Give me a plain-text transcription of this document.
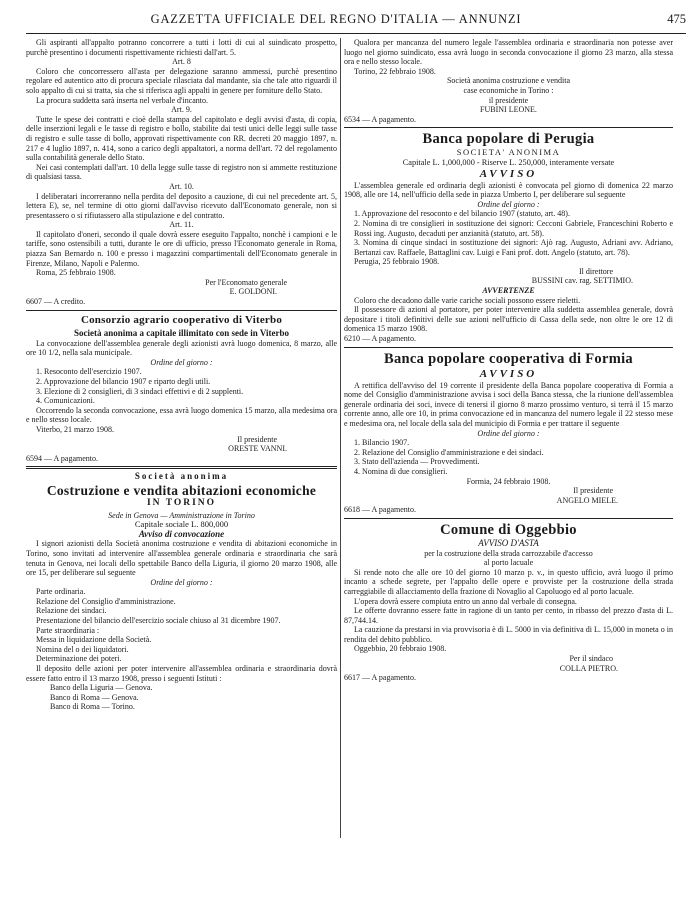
GAZZETTA UFFICIALE DEL REGNO D'ITALIA — ANNUNZI	475

Gli aspiranti all'appalto potranno concorrere a tutti i lotti di cui al suindicato prospetto, purchè presentino i documenti rispettivamente richiesti dall'art. 5.

Art. 8

Coloro che concorressero all'asta per delegazione saranno ammessi, purchè presentino regolare ed autentico atto di procura speciale rilasciata dal mandante, sia che tale atto riguardi il solo appalto di cui si tratta, sia che si riferisca agli appalti in genere per forniture dello Stato.

La procura suddetta sarà inserta nel verbale d'incanto.

Art. 9.

Tutte le spese dei contratti e cioè della stampa del capitolato e degli avvisi d'asta, di copia, delle inserzioni legali e le tasse di registro e bollo, stabilite dai testi unici delle leggi sulle tasse di registro e sulle tasse di bollo, approvati rispettivamente con RR. decreti 20 maggio 1897, n. 217 e 4 luglio 1897, n. 414, sono a carico degli appaltatori, a norma dell'art. 72 del regolamento sulla contabilità generale dello Stato.

Nei casi contemplati dall'art. 10 della legge sulle tasse di registro non si ammette restituzione di qualsiasi tassa.

Art. 10.

I deliberatari incorreranno nella perdita del deposito a cauzione, di cui nel precedente art. 5, lettera E), se, nel termine di otto giorni dall'avviso ricevuto dall'Economato generale, non si presentassero o si rifiutassero alla stipulazione e del contratto.

Art. 11.

Il capitolato d'oneri, secondo il quale dovrà essere eseguito l'appalto, nonchè i campioni e le tariffe, sono ostensibili a tutti, durante le ore di ufficio, presso l'Economato generale in Roma, piazza San Bernardo n. 100 e presso i magazzini compartimentali dell'Economato generale in Firenze, Milano, Napoli e Palermo.

Roma, 25 febbraio 1908.

Per l'Economato generale

E. GOLDONI.

6607 — A credito.

Consorzio agrario cooperativo di Viterbo

Società anonima a capitale illimitato con sede in Viterbo

La convocazione dell'assemblea generale degli azionisti avrà luogo domenica, 8 marzo, alle ore 10 1/2, nella sala municipale.

Ordine del giorno :

1. Resoconto dell'esercizio 1907.

2. Approvazione del bilancio 1907 e riparto degli utili.

3. Elezione di 2 consiglieri, di 3 sindaci effettivi e di 2 supplenti.

4. Comunicazioni.

Occorrendo la seconda convocazione, essa avrà luogo domenica 15 marzo, alla medesima ora e nello stesso locale.

Viterbo, 21 marzo 1908.

Il presidente

ORESTE VANNI.

6594 — A pagamento.

Società anonima

Costruzione e vendita abitazioni economiche

IN TORINO

Sede in Genova — Amministrazione in Torino

Capitale sociale L. 800,000

Avviso di convocazione

I signori azionisti della Società anonima costruzione e vendita di abitazioni economiche in Torino, sono invitati ad intervenire all'assemblea generale ordinaria e straordinaria che sarà tenuta in Genova, nei locali dello spettabile Banco della Liguria, il giorno 20 marzo 1908, alle ore 15, per deliberare sul seguente

Ordine del giorno :

Parte ordinaria.

Relazione del Consiglio d'amministrazione.

Relazione dei sindaci.

Presentazione del bilancio dell'esercizio sociale chiuso al 31 dicembre 1907.

Parte straordinaria :

Messa in liquidazione della Società.

Nomina del o dei liquidatori.

Determinazione dei poteri.

Il deposito delle azioni per poter intervenire all'assemblea ordinaria e straordinaria dovrà essere fatto entro il 13 marzo 1908, presso i seguenti Istituti :

Banco della Liguria — Genova.

Banco di Roma — Genova.

Banco di Roma — Torino.

Qualora per mancanza del numero legale l'assemblea ordinaria e straordinaria non potesse aver luogo nel giorno suindicato, essa avrà luogo in seconda convocazione il giorno 23 marzo, alla stessa ora e nello stesso locale.

Torino, 22 febbraio 1908.

Società anonima costruzione e vendita

case economiche in Torino :

il presidente

FUBINI LEONE.

6534 — A pagamento.

Banca popolare di Perugia

SOCIETA' ANONIMA

Capitale L. 1,000,000 - Riserve L. 250,000, interamente versate

AVVISO

L'assemblea generale ed ordinaria degli azionisti è convocata pel giorno di domenica 22 marzo 1908, alle ore 14, nell'ufficio della sede in piazza Umberto I, per deliberare sul seguente

Ordine del giorno :

1. Approvazione del resoconto e del bilancio 1907 (statuto, art. 48).

2. Nomina di tre consiglieri in sostituzione dei signori: Cecconi Gabriele, Franceschini Roberto e Rossi ing. Augusto, decaduti per anzianità (statuto, art. 58).

3. Nomina di cinque sindaci in sostituzione dei signori: Ajò rag. Augusto, Adriani avv. Adriano, Bertanzi cav. Raffaele, Battaglini cav. Luigi e Fani prof. dott. Angelo (statuto, art. 78).

Perugia, 25 febbraio 1908.

Il direttore

BUSSINI cav. rag. SETTIMIO.

AVVERTENZE

Coloro che decadono dalle varie cariche sociali possono essere rieletti.

Il possessore di azioni al portatore, per poter intervenire alla suddetta assemblea generale, dovrà depositare i titoli definitivi delle sue azioni nell'ufficio di Cassa della sede, non oltre le ore 12 di domenica 15 marzo 1908.

6210 — A pagamento.

Banca popolare cooperativa di Formia

AVVISO

A rettifica dell'avviso del 19 corrente il presidente della Banca popolare cooperativa di Formia a nome del Consiglio d'amministrazione avvisa i soci della Banca stessa, che la riunione dell'assemblea generale ordinaria dei soci, invece di tenersi il giorno 8 marzo prossimo venturo, si terrà il 15 marzo corrente anno, alle ore 10, in prima convocazione ed in mancanza del numero legale il 22 stesso mese e medesima ora, nel locale della sala del municipio di Formia e per trattare il seguente

Ordine del giorno :

1. Bilancio 1907.

2. Relazione del Consiglio d'amministrazione e dei sindaci.

3. Stato dell'azienda — Provvedimenti.

4. Nomina di due consiglieri.

Formia, 24 febbraio 1908.

Il presidente

ANGELO MIELE.

6618 — A pagamento.

Comune di Oggebbio

AVVISO D'ASTA

per la costruzione della strada carrozzabile d'accesso

al porto lacuale

Si rende noto che alle ore 10 del giorno 10 marzo p. v., in questo ufficio, avrà luogo il primo incanto a schede segrete, per l'appalto delle opere e provviste per la costruzione della strada carreggiabile di allacciamento della frazione di Novaglio al Capoluogo ed al porto lacuale.

L'opera dovrà essere compiuta entro un anno dal verbale di consegna.

Le offerte dovranno essere fatte in ragione di un tanto per cento, in ribasso del prezzo d'asta di L. 87,744.14.

La cauzione da prestarsi in via provvisoria è di L. 5000 in via definitiva di L. 15,000 in moneta o in rendita del debito pubblico.

Oggebbio, 20 febbraio 1908.

Per il sindaco

COLLA PIETRO.

6617 — A pagamento.
